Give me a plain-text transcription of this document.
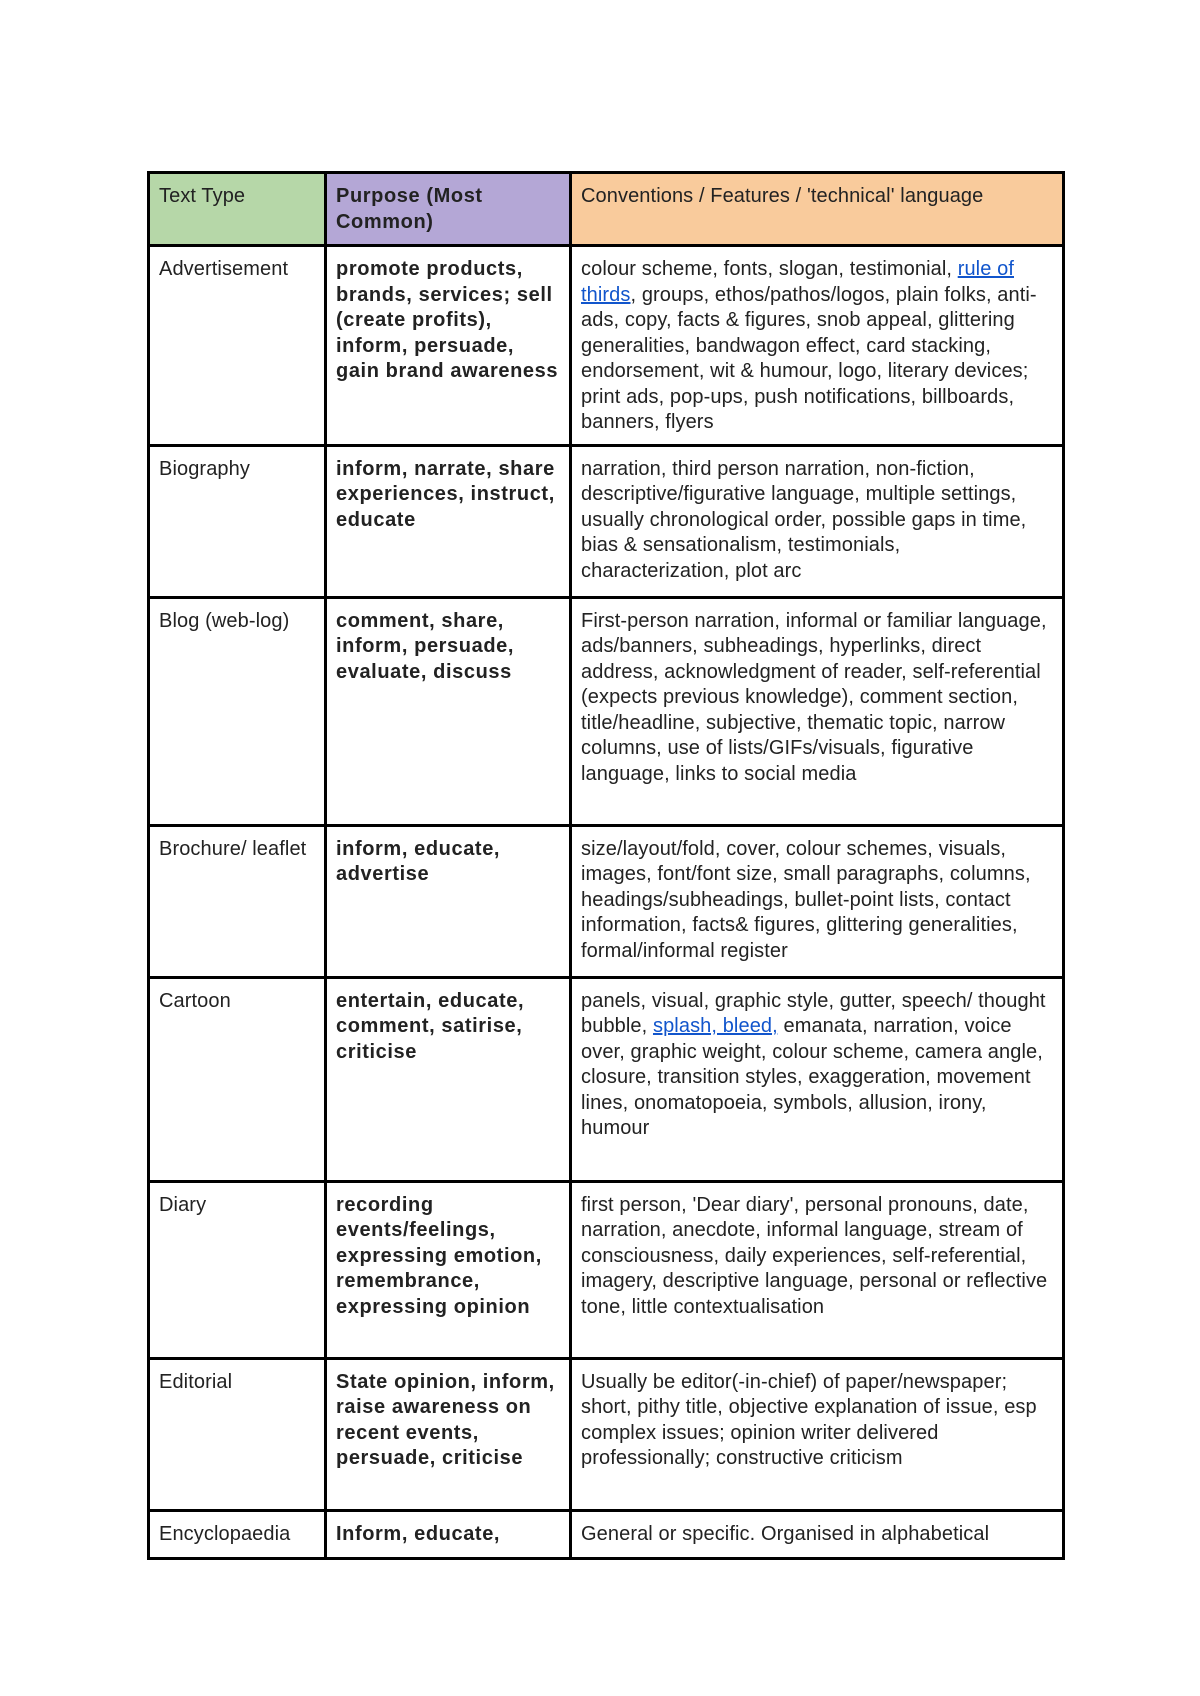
Text Type	Purpose (Most Common)	Conventions / Features / 'technical' language
Advertisement	promote products, brands, services; sell (create profits), inform, persuade, gain brand awareness	colour scheme, fonts, slogan, testimonial, rule of thirds, groups, ethos/pathos/logos, plain folks, anti-ads, copy, facts & figures, snob appeal, glittering generalities, bandwagon effect, card stacking, endorsement, wit & humour, logo, literary devices; print ads, pop-ups, push notifications, billboards, banners, flyers
Biography	inform, narrate, share experiences, instruct, educate	narration, third person narration, non-fiction, descriptive/figurative language, multiple settings, usually chronological order, possible gaps in time, bias & sensationalism, testimonials, characterization, plot arc
Blog (web-log)	comment, share, inform, persuade, evaluate, discuss	First-person narration, informal or familiar language, ads/banners, subheadings, hyperlinks, direct address, acknowledgment of reader, self-referential (expects previous knowledge), comment section, title/headline, subjective, thematic topic, narrow columns, use of lists/GIFs/visuals, figurative language, links to social media
Brochure/ leaflet	inform, educate, advertise	size/layout/fold, cover, colour schemes, visuals, images, font/font size, small paragraphs, columns, headings/subheadings, bullet-point lists, contact information, facts& figures, glittering generalities, formal/informal register
Cartoon	entertain, educate, comment, satirise, criticise	panels, visual, graphic style, gutter, speech/ thought bubble, splash, bleed, emanata, narration, voice over, graphic weight, colour scheme, camera angle, closure, transition styles, exaggeration, movement lines, onomatopoeia, symbols, allusion, irony, humour
Diary	recording events/feelings, expressing emotion, remembrance, expressing opinion	first person, 'Dear diary', personal pronouns, date, narration, anecdote, informal language, stream of consciousness, daily experiences, self-referential, imagery, descriptive language, personal or reflective tone, little contextualisation
Editorial	State opinion, inform, raise awareness on recent events, persuade, criticise	Usually be editor(-in-chief) of paper/newspaper; short, pithy title, objective explanation of issue, esp complex issues; opinion writer delivered professionally; constructive criticism
Encyclopaedia	Inform, educate,	General or specific. Organised in alphabetical
